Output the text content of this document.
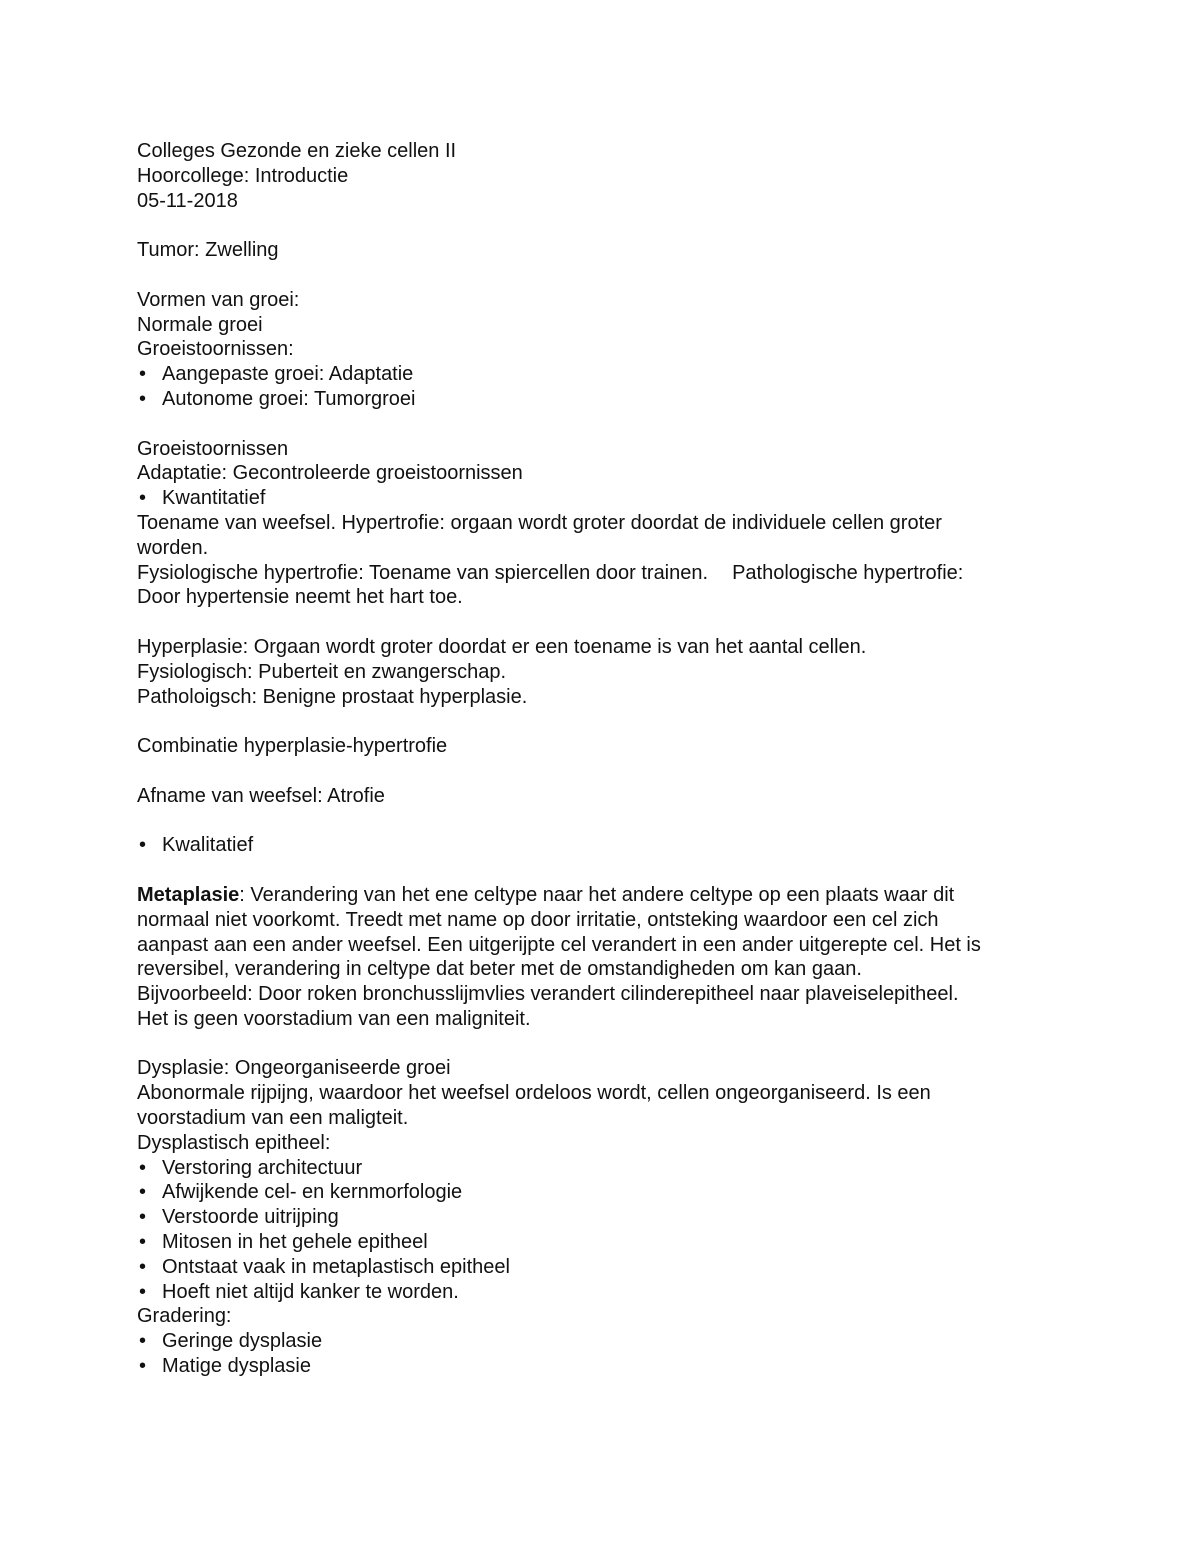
Colleges Gezonde en zieke cellen II

Hoorcollege: Introductie

05-11-2018

Tumor: Zwelling

Vormen van groei:

Normale groei

Groeistoornissen:

• Aangepaste groei: Adaptatie
• Autonome groei: Tumorgroei

Groeistoornissen

Adaptatie: Gecontroleerde groeistoornissen

• Kwantitatief

Toename van weefsel. Hypertrofie: orgaan wordt groter doordat de individuele cellen groter

worden.

Fysiologische hypertrofie: Toename van spiercellen door trainen. Pathologische hypertrofie:

Door hypertensie neemt het hart toe.

Hyperplasie: Orgaan wordt groter doordat er een toename is van het aantal cellen.

Fysiologisch: Puberteit en zwangerschap.

Patholoigsch: Benigne prostaat hyperplasie.

Combinatie hyperplasie-hypertrofie

Afname van weefsel: Atrofie

• Kwalitatief

Metaplasie: Verandering van het ene celtype naar het andere celtype op een plaats waar dit

normaal niet voorkomt. Treedt met name op door irritatie, ontsteking waardoor een cel zich

aanpast aan een ander weefsel. Een uitgerijpte cel verandert in een ander uitgerepte cel. Het is

reversibel, verandering in celtype dat beter met de omstandigheden om kan gaan.

Bijvoorbeeld: Door roken bronchusslijmvlies verandert cilinderepitheel naar plaveiselepitheel.

Het is geen voorstadium van een maligniteit.

Dysplasie: Ongeorganiseerde groei

Abonormale rijpijng, waardoor het weefsel ordeloos wordt, cellen ongeorganiseerd. Is een

voorstadium van een maligteit.

Dysplastisch epitheel:

• Verstoring architectuur
• Afwijkende cel- en kernmorfologie
• Verstoorde uitrijping
• Mitosen in het gehele epitheel
• Ontstaat vaak in metaplastisch epitheel
• Hoeft niet altijd kanker te worden.

Gradering:

• Geringe dysplasie
• Matige dysplasie
